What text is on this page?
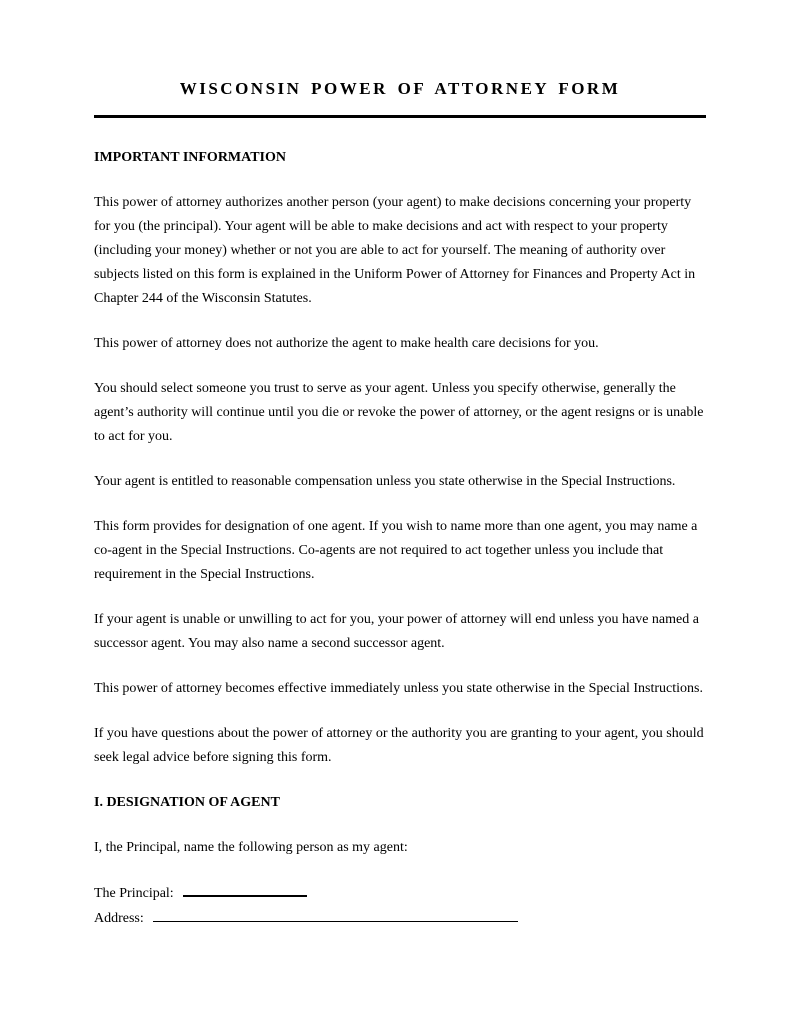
WISCONSIN POWER OF ATTORNEY FORM
IMPORTANT INFORMATION

This power of attorney authorizes another person (your agent) to make decisions concerning your property for you (the principal). Your agent will be able to make decisions and act with respect to your property (including your money) whether or not you are able to act for yourself. The meaning of authority over subjects listed on this form is explained in the Uniform Power of Attorney for Finances and Property Act in Chapter 244 of the Wisconsin Statutes.

This power of attorney does not authorize the agent to make health care decisions for you.

You should select someone you trust to serve as your agent. Unless you specify otherwise, generally the agent’s authority will continue until you die or revoke the power of attorney, or the agent resigns or is unable to act for you.

Your agent is entitled to reasonable compensation unless you state otherwise in the Special Instructions.

This form provides for designation of one agent. If you wish to name more than one agent, you may name a co-agent in the Special Instructions. Co-agents are not required to act together unless you include that requirement in the Special Instructions.

If your agent is unable or unwilling to act for you, your power of attorney will end unless you have named a successor agent. You may also name a second successor agent.

This power of attorney becomes effective immediately unless you state otherwise in the Special Instructions.

If you have questions about the power of attorney or the authority you are granting to your agent, you should seek legal advice before signing this form.

I. DESIGNATION OF AGENT

I, the Principal, name the following person as my agent:

The Principal:
Address:
